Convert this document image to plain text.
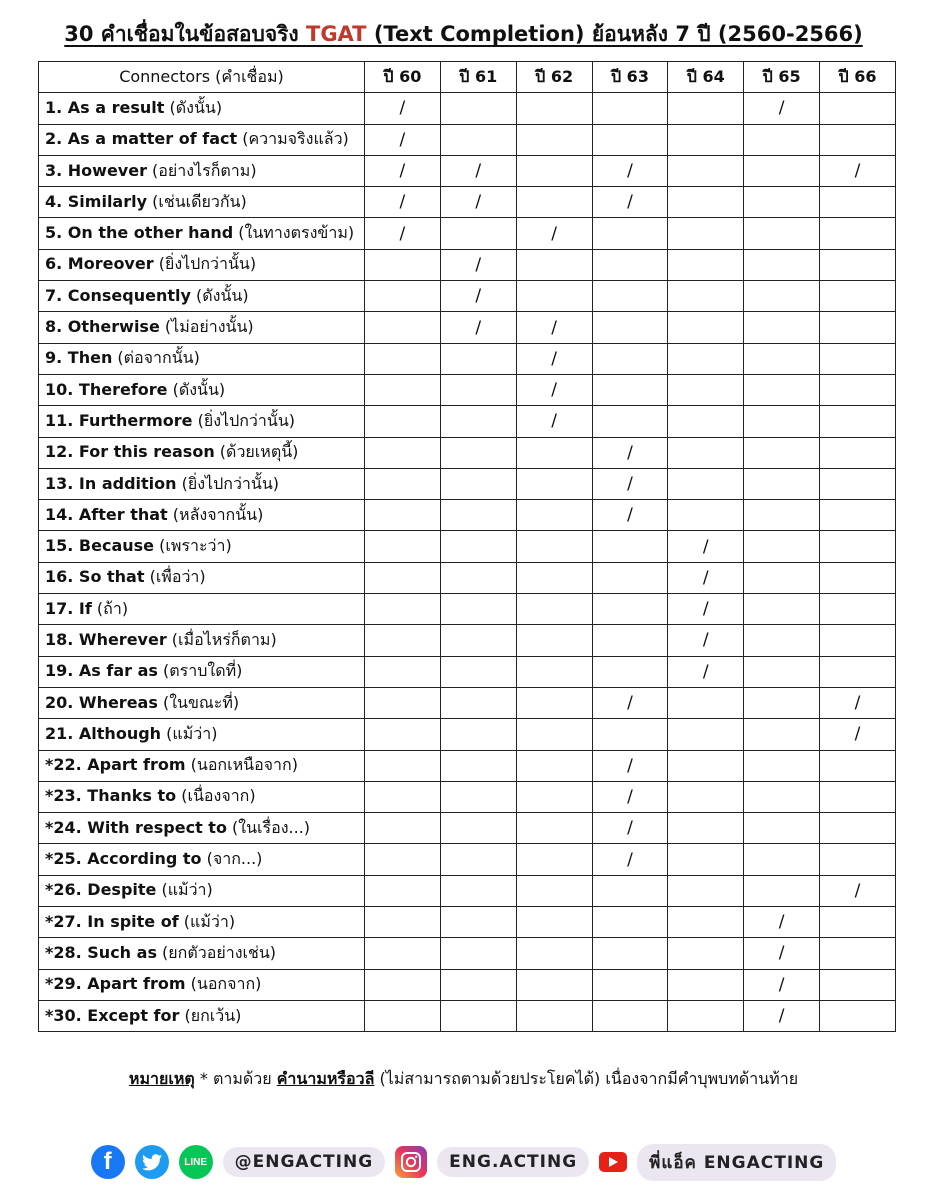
30 คำเชื่อมในข้อสอบจริง TGAT (Text Completion) ย้อนหลัง 7 ปี (2560-2566)
Connectors (คำเชื่อม)	ปี 60	ปี 61	ปี 62	ปี 63	ปี 64	ปี 65	ปี 66
1. As a result (ดังนั้น)	/					/	
2. As a matter of fact (ความจริงแล้ว)	/						
3. However (อย่างไรก็ตาม)	/	/		/			/
4. Similarly (เช่นเดียวกัน)	/	/		/			
5. On the other hand (ในทางตรงข้าม)	/		/				
6. Moreover (ยิ่งไปกว่านั้น)		/					
7. Consequently (ดังนั้น)		/					
8. Otherwise (ไม่อย่างนั้น)		/	/				
9. Then (ต่อจากนั้น)			/				
10. Therefore (ดังนั้น)			/				
11. Furthermore (ยิ่งไปกว่านั้น)			/				
12. For this reason (ด้วยเหตุนี้)				/			
13. In addition (ยิ่งไปกว่านั้น)				/			
14. After that (หลังจากนั้น)				/			
15. Because (เพราะว่า)					/		
16. So that (เพื่อว่า)					/		
17. If (ถ้า)					/		
18. Wherever (เมื่อไหร่ก็ตาม)					/		
19. As far as (ตราบใดที่)					/		
20. Whereas (ในขณะที่)				/			/
21. Although (แม้ว่า)							/
*22. Apart from (นอกเหนือจาก)				/			
*23. Thanks to (เนื่องจาก)				/			
*24. With respect to (ในเรื่อง...)				/			
*25. According to (จาก...)				/			
*26. Despite (แม้ว่า)							/
*27. In spite of (แม้ว่า)						/	
*28. Such as (ยกตัวอย่างเช่น)						/	
*29. Apart from (นอกจาก)						/	
*30. Except for (ยกเว้น)						/	
หมายเหตุ * ตามด้วย คำนามหรือวลี (ไม่สามารถตามด้วยประโยคได้) เนื่องจากมีคำบุพบทด้านท้าย
f	LINE	@ENGACTING	ENG.ACTING	พี่แอ็ค ENGACTING
